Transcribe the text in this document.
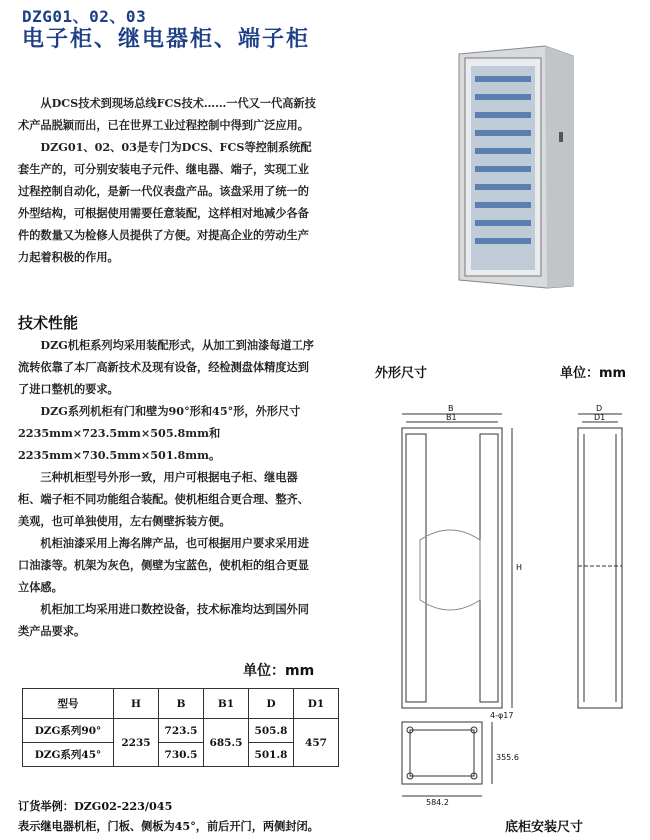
DZG01、02、03
电子柜、继电器柜、端子柜

从DCS技术到现场总线FCS技术……一代又一代高新技术产品脱颖而出，已在世界工业过程控制中得到广泛应用。

DZG01、02、03是专门为DCS、FCS等控制系统配套生产的，可分别安装电子元件、继电器、端子，实现工业过程控制自动化，是新一代仪表盘产品。该盘采用了统一的外型结构，可根据使用需要任意装配，这样相对地减少各备件的数量又为检修人员提供了方便。对提高企业的劳动生产力起着积极的作用。

技术性能

DZG机柜系列均采用装配形式，从加工到油漆每道工序流转依靠了本厂高新技术及现有设备，经检测盘体精度达到了进口整机的要求。

DZG系列机柜有门和壁为90°形和45°形，外形尺寸2235mm×723.5mm×505.8mm和2235mm×730.5mm×501.8mm。

三种机柜型号外形一致，用户可根据电子柜、继电器柜、端子柜不同功能组合装配。使机柜组合更合理、整齐、美观，也可单独使用，左右侧壁拆装方便。

机柜油漆采用上海名牌产品，也可根据用户要求采用进口油漆等。机架为灰色，侧壁为宝蓝色，使机柜的组合更显立体感。

机柜加工均采用进口数控设备，技术标准均达到国外同类产品要求。

单位：mm
型号	H	B	B1	D	D1
DZG系列90°	2235	723.5	685.5	505.8	457
DZG系列45°		730.5		501.8	
订货举例：DZG02-223/045
表示继电器机柜，门板、侧板为45°，前后开门，两侧封闭。
外形尺寸	单位：mm
底柜安装尺寸
B
B1
H
D
D1
4-φ17
584.2
355.6
